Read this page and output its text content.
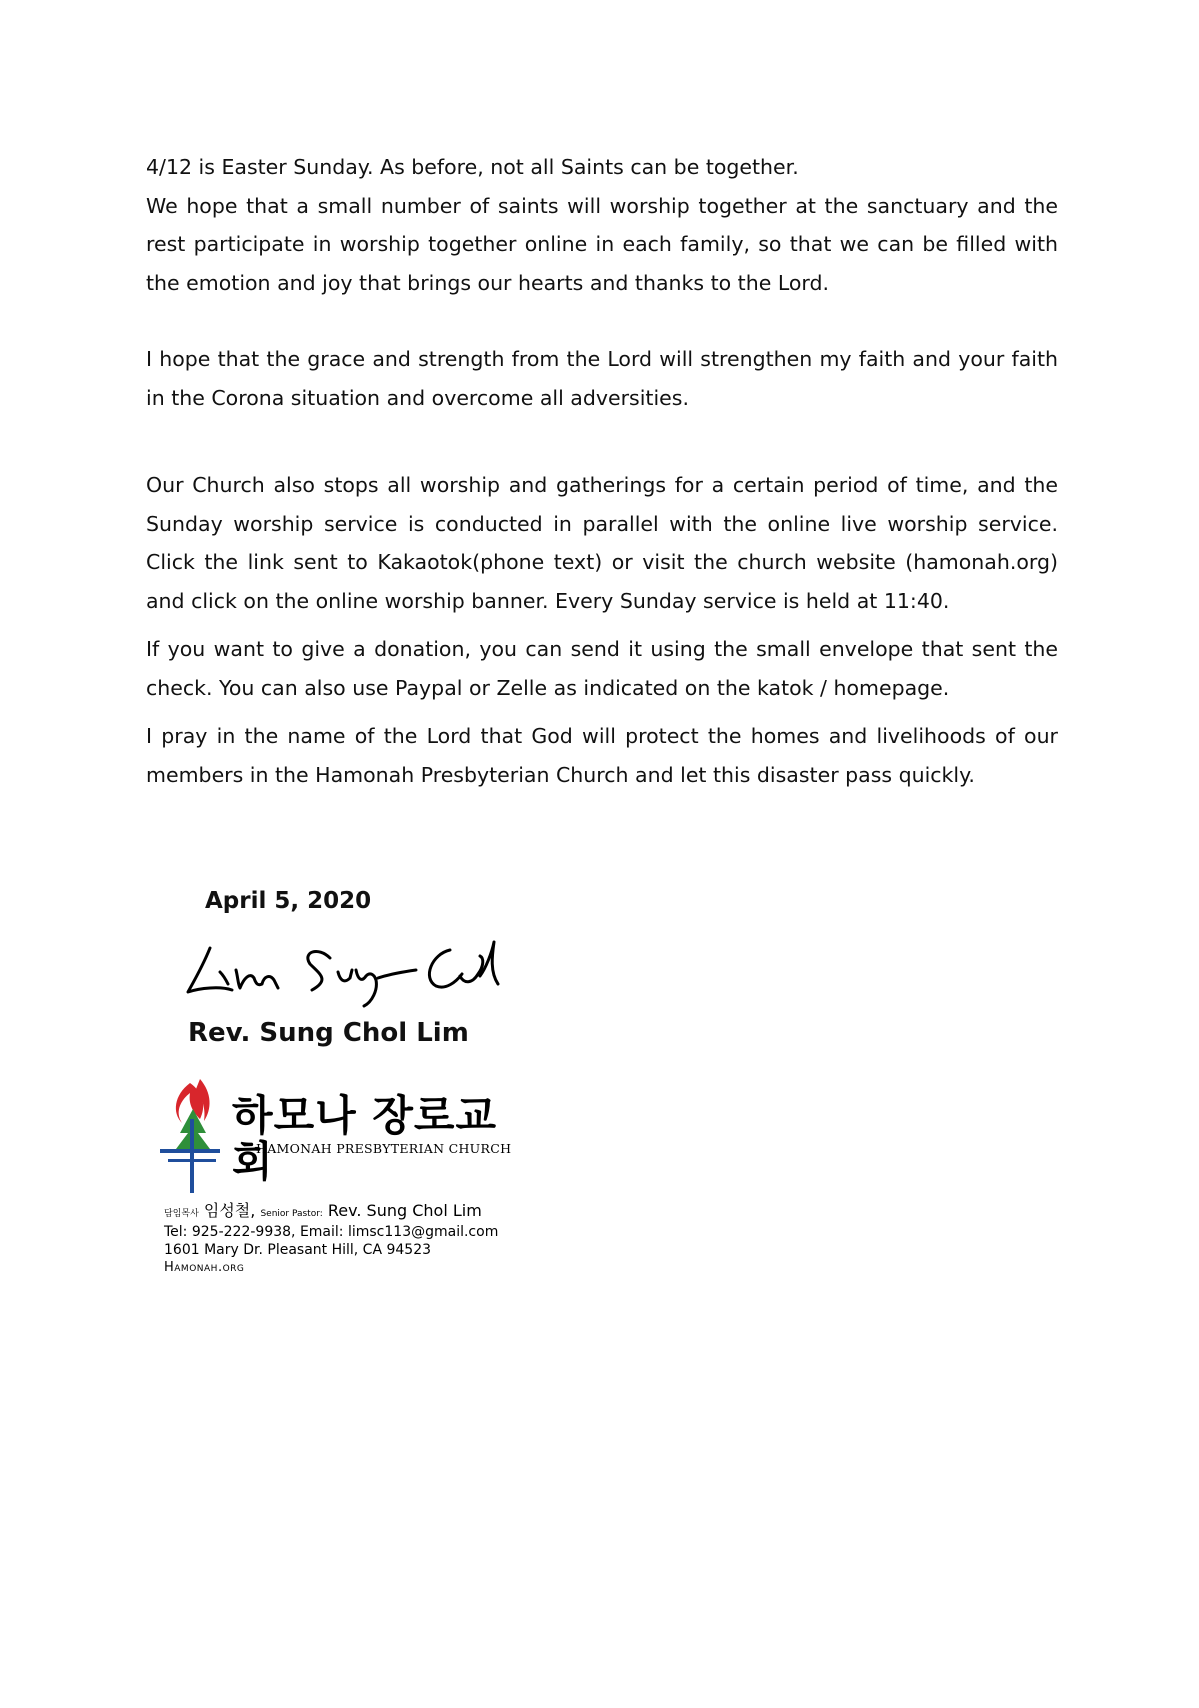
4/12 is Easter Sunday. As before, not all Saints can be together.

We hope that a small number of saints will worship together at the sanctuary and the rest participate in worship together online in each family, so that we can be filled with the emotion and joy that brings our hearts and thanks to the Lord.

I hope that the grace and strength from the Lord will strengthen my faith and your faith in the Corona situation and overcome all adversities.

Our Church also stops all worship and gatherings for a certain period of time, and the Sunday worship service is conducted in parallel with the online live worship service. Click the link sent to Kakaotok(phone text) or visit the church website (hamonah.org) and click on the online worship banner. Every Sunday service is held at 11:40.

If you want to give a donation, you can send it using the small envelope that sent the check. You can also use Paypal or Zelle as indicated on the katok / homepage.

I pray in the name of the Lord that God will protect the homes and livelihoods of our members in the Hamonah Presbyterian Church and let this disaster pass quickly.

April 5, 2020
Rev. Sung Chol Lim
하모나 장로교회
HAMONAH PRESBYTERIAN CHURCH
담임목사 임성철, Senior Pastor: Rev. Sung Chol Lim
Tel: 925-222-9938, Email: limsc113@gmail.com
1601 Mary Dr. Pleasant Hill, CA 94523
Hamonah.org
